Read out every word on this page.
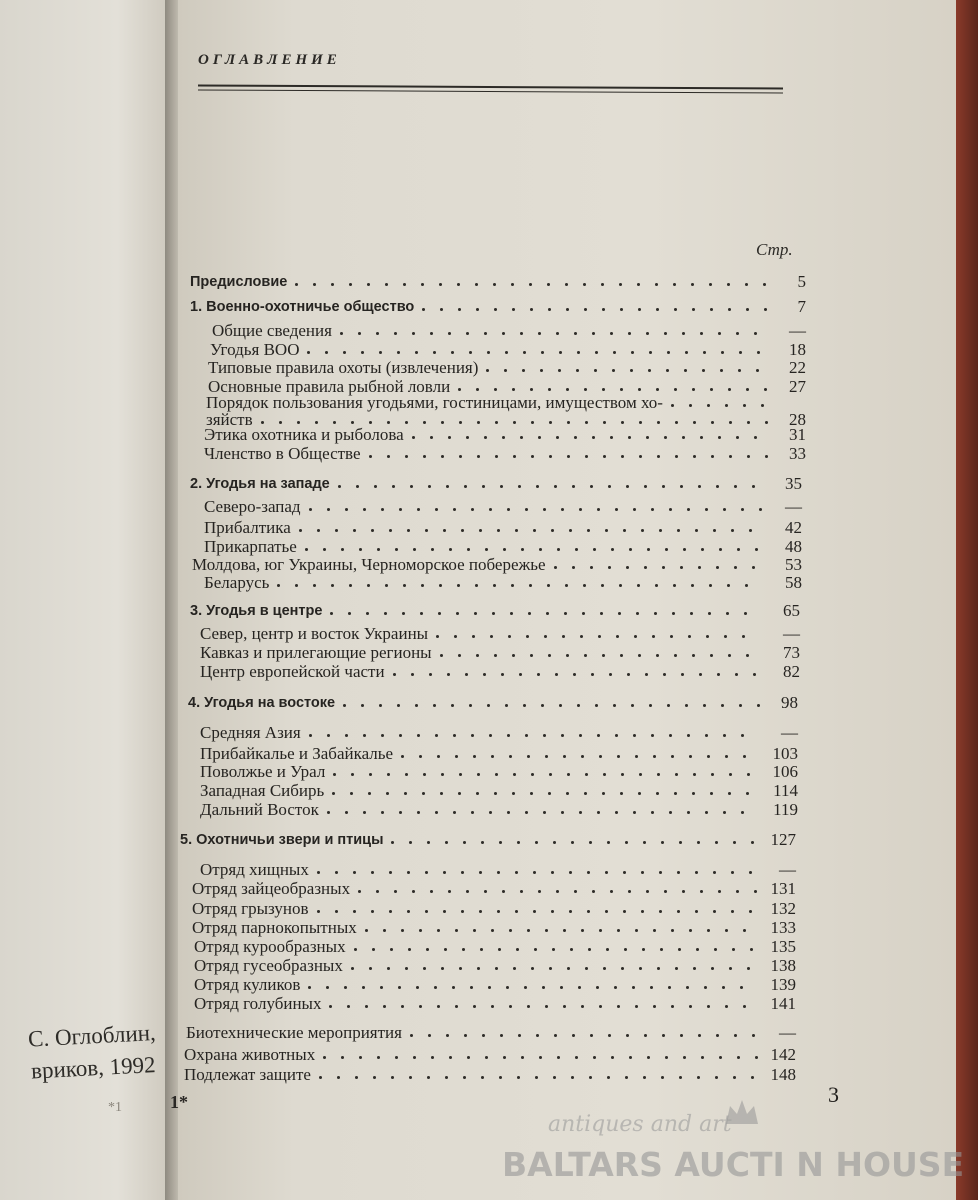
С. Оглоблин,
вриков, 1992
*1
ОГЛАВЛЕНИЕ
Стр.
Предисловие	5
1. Военно-охотничье общество	7
Общие сведения	—
Угодья ВОО	18
Типовые правила охоты (извлечения)	22
Основные правила рыбной ловли	27
Порядок пользования угодьями, гостиницами, имуществом хо-
зяйств	28
Этика охотника и рыболова	31
Членство в Обществе	33
2. Угодья на западе	35
Северо-запад	—
Прибалтика	42
Прикарпатье	48
Молдова, юг Украины, Черноморское побережье	53
Беларусь	58
3. Угодья в центре	65
Север, центр и восток Украины	—
Кавказ и прилегающие регионы	73
Центр европейской части	82
4. Угодья на востоке	98
Средняя Азия	—
Прибайкалье и Забайкалье	103
Поволжье и Урал	106
Западная Сибирь	114
Дальний Восток	119
5. Охотничьи звери и птицы	127
Отряд хищных	—
Отряд зайцеобразных	131
Отряд грызунов	132
Отряд парнокопытных	133
Отряд курообразных	135
Отряд гусеобразных	138
Отряд куликов	139
Отряд голубиных	141
Биотехнические мероприятия	—
Охрана животных	142
Подлежат защите	148
1*	3
antiques and art
BALTARS AUCTI N HOUSE
